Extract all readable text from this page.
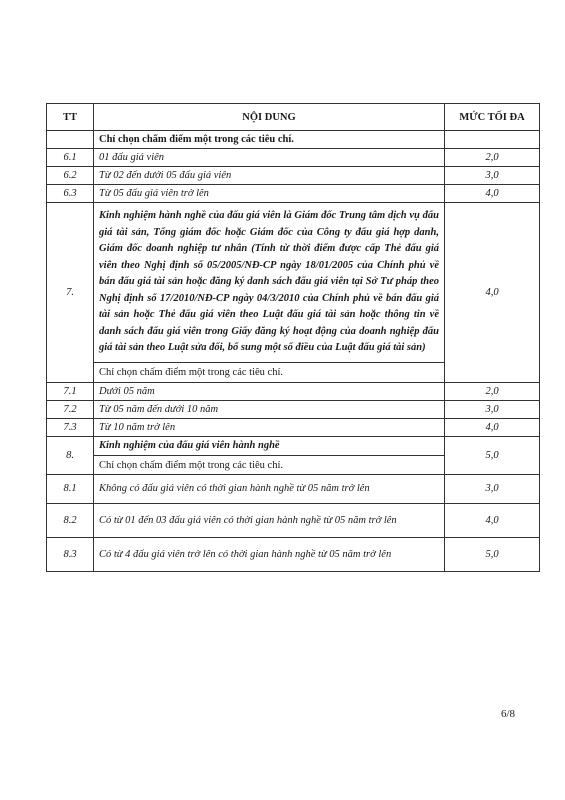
TT	NỘI DUNG	MỨC TỐI ĐA
	Chỉ chọn chấm điểm một trong các tiêu chí.	
6.1	01 đấu giá viên	2,0
6.2	Từ 02 đến dưới 05 đấu giá viên	3,0
6.3	Từ 05 đấu giá viên trở lên	4,0
7.	Kinh nghiệm hành nghề của đấu giá viên là Giám đốc Trung tâm dịch vụ đấu giá tài sản, Tổng giám đốc hoặc Giám đốc của Công ty đấu giá hợp danh, Giám đốc doanh nghiệp tư nhân (Tính từ thời điểm được cấp Thẻ đấu giá viên theo Nghị định số 05/2005/NĐ-CP ngày 18/01/2005 của Chính phủ về bán đấu giá tài sản hoặc đăng ký danh sách đấu giá viên tại Sở Tư pháp theo Nghị định số 17/2010/NĐ-CP ngày 04/3/2010 của Chính phủ về bán đấu giá tài sản hoặc Thẻ đấu giá viên theo Luật đấu giá tài sản hoặc thông tin về danh sách đấu giá viên trong Giấy đăng ký hoạt động của doanh nghiệp đấu giá tài sản theo Luật sửa đổi, bổ sung một số điều của Luật đấu giá tài sản)
Chỉ chọn chấm điểm một trong các tiêu chí.	4,0
7.1	Dưới 05 năm	2,0
7.2	Từ 05 năm đến dưới 10 năm	3,0
7.3	Từ 10 năm trở lên	4,0
8.	Kinh nghiệm của đấu giá viên hành nghề
Chỉ chọn chấm điểm một trong các tiêu chí.	5,0
8.1	Không có đấu giá viên có thời gian hành nghề từ 05 năm trở lên	3,0
8.2	Có từ 01 đến 03 đấu giá viên có thời gian hành nghề từ 05 năm trở lên	4,0
8.3	Có từ 4 đấu giá viên trở lên có thời gian hành nghề từ 05 năm trở lên	5,0
6/8
